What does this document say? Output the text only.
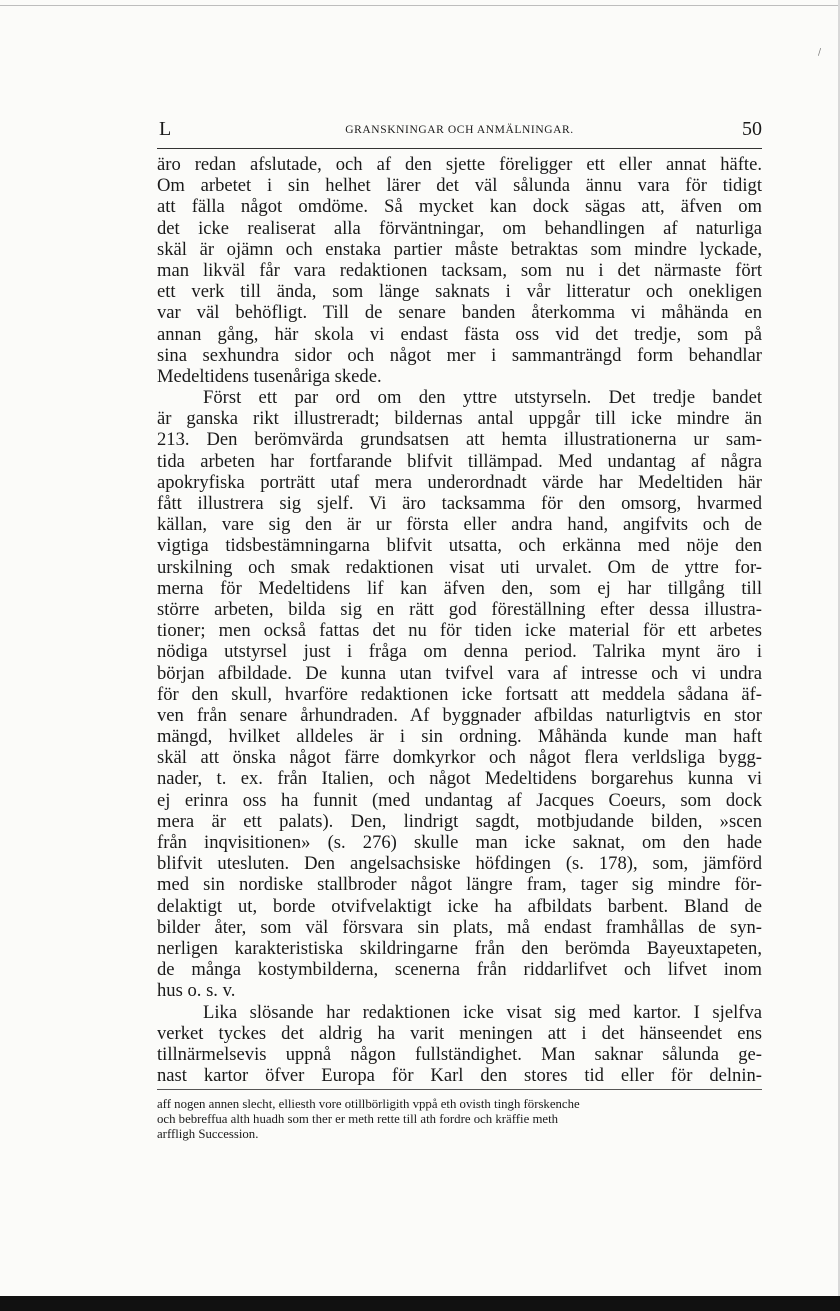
/
L	GRANSKNINGAR OCH ANMÄLNINGAR.	50
äro redan afslutade, och af den sjette föreligger ett eller annat häfte.
Om arbetet i sin helhet lärer det väl sålunda ännu vara för tidigt
att fälla något omdöme. Så mycket kan dock sägas att, äfven om
det icke realiserat alla förväntningar, om behandlingen af naturliga
skäl är ojämn och enstaka partier måste betraktas som mindre lyckade,
man likväl får vara redaktionen tacksam, som nu i det närmaste fört
ett verk till ända, som länge saknats i vår litteratur och onekligen
var väl behöfligt. Till de senare banden återkomma vi måhända en
annan gång, här skola vi endast fästa oss vid det tredje, som på
sina sexhundra sidor och något mer i sammanträngd form behandlar
Medeltidens tusenåriga skede.
Först ett par ord om den yttre utstyrseln. Det tredje bandet
är ganska rikt illustreradt; bildernas antal uppgår till icke mindre än
213. Den berömvärda grundsatsen att hemta illustrationerna ur sam-
tida arbeten har fortfarande blifvit tillämpad. Med undantag af några
apokryfiska porträtt utaf mera underordnadt värde har Medeltiden här
fått illustrera sig sjelf. Vi äro tacksamma för den omsorg, hvarmed
källan, vare sig den är ur första eller andra hand, angifvits och de
vigtiga tidsbestämningarna blifvit utsatta, och erkänna med nöje den
urskilning och smak redaktionen visat uti urvalet. Om de yttre for-
merna för Medeltidens lif kan äfven den, som ej har tillgång till
större arbeten, bilda sig en rätt god föreställning efter dessa illustra-
tioner; men också fattas det nu för tiden icke material för ett arbetes
nödiga utstyrsel just i fråga om denna period. Talrika mynt äro i
början afbildade. De kunna utan tvifvel vara af intresse och vi undra
för den skull, hvarföre redaktionen icke fortsatt att meddela sådana äf-
ven från senare århundraden. Af byggnader afbildas naturligtvis en stor
mängd, hvilket alldeles är i sin ordning. Måhända kunde man haft
skäl att önska något färre domkyrkor och något flera verldsliga bygg-
nader, t. ex. från Italien, och något Medeltidens borgarehus kunna vi
ej erinra oss ha funnit (med undantag af Jacques Coeurs, som dock
mera är ett palats). Den, lindrigt sagdt, motbjudande bilden, »scen
från inqvisitionen» (s. 276) skulle man icke saknat, om den hade
blifvit utesluten. Den angelsachsiske höfdingen (s. 178), som, jämförd
med sin nordiske stallbroder något längre fram, tager sig mindre för-
delaktigt ut, borde otvifvelaktigt icke ha afbildats barbent. Bland de
bilder åter, som väl försvara sin plats, må endast framhållas de syn-
nerligen karakteristiska skildringarne från den berömda Bayeuxtapeten,
de många kostymbilderna, scenerna från riddarlifvet och lifvet inom
hus o. s. v.
Lika slösande har redaktionen icke visat sig med kartor. I sjelfva
verket tyckes det aldrig ha varit meningen att i det hänseendet ens
tillnärmelsevis uppnå någon fullständighet. Man saknar sålunda ge-
nast kartor öfver Europa för Karl den stores tid eller för delnin-
aff nogen annen slecht, elliesth vore otillbörligith vppå eth ovisth tingh förskenche
och bebreffua alth huadh som ther er meth rette till ath fordre och kräffie meth
arffligh Succession.
